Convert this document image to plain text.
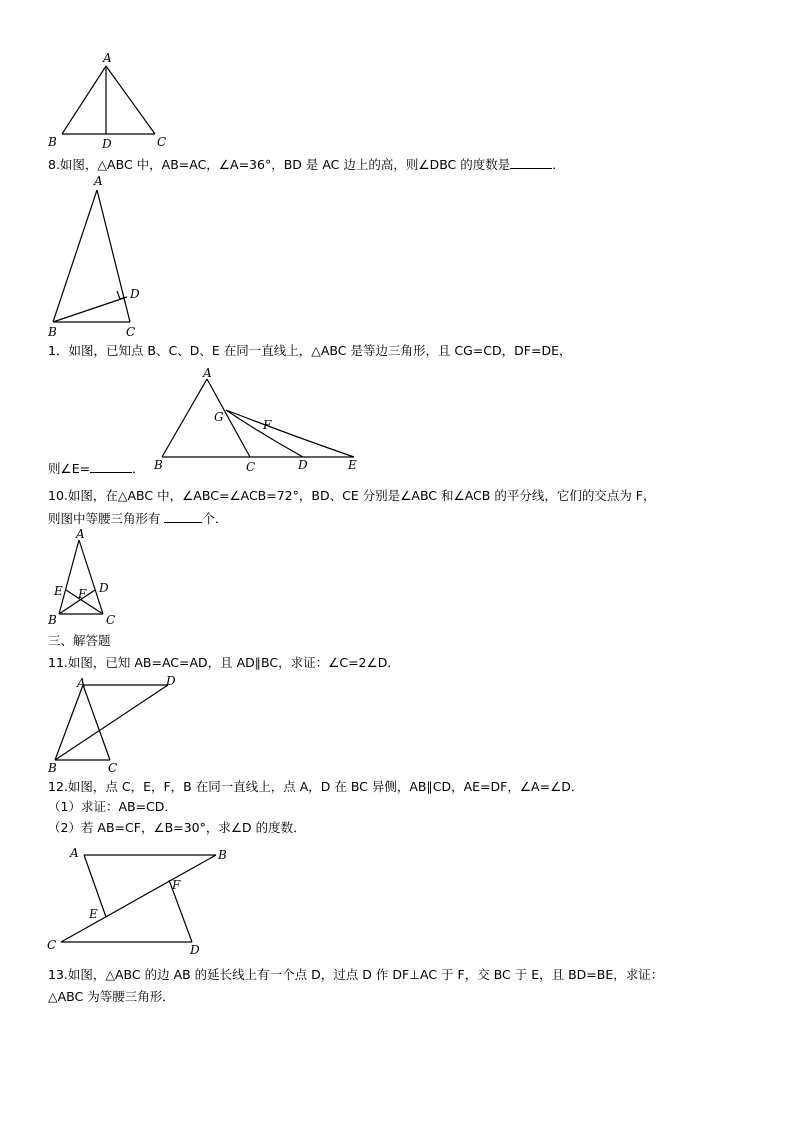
A
B	D	C
8.如图，△ABC 中，AB=AC，∠A=36°，BD 是 AC 边上的高，则∠DBC 的度数是	．
A
D
B	C
1．如图，已知点 B、C、D、E 在同一直线上，△ABC 是等边三角形，且 CG=CD，DF=DE，
A
G
F
B	C	D	E
则∠E=	．
10.如图，在△ABC 中，∠ABC=∠ACB=72°，BD、CE 分别是∠ABC 和∠ACB 的平分线，它们的交点为 F，
则图中等腰三角形有	个．
A
E	D
F
B	C
三、解答题
11.如图，已知 AB=AC=AD，且 AD∥BC，求证：∠C=2∠D．
A	D
B	C
12.如图，点 C，E，F，B 在同一直线上，点 A，D 在 BC 异侧，AB∥CD，AE=DF，∠A=∠D．
（1）求证：AB=CD．
（2）若 AB=CF，∠B=30°，求∠D 的度数．
A	B
F
E
C	D
13.如图，△ABC 的边 AB 的延长线上有一个点 D，过点 D 作 DF⊥AC 于 F，交 BC 于 E，且 BD=BE，求证：
△ABC 为等腰三角形．
